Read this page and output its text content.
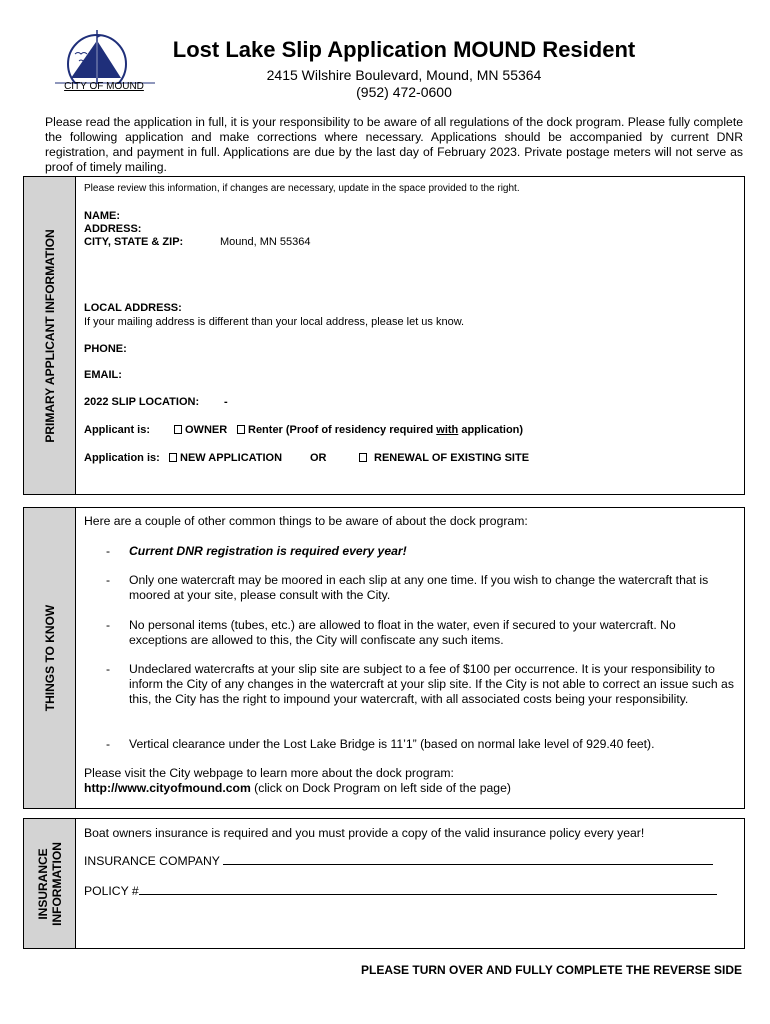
CITY OF MOUND
Lost Lake Slip Application MOUND Resident
2415 Wilshire Boulevard, Mound, MN 55364
(952) 472-0600
Please read the application in full, it is your responsibility to be aware of all regulations of the dock program. Please fully complete the following application and make corrections where necessary. Applications should be accompanied by current DNR registration, and payment in full. Applications are due by the last day of February 2023. Private postage meters will not serve as proof of timely mailing.
PRIMARY APPLICANT INFORMATION
Please review this information, if changes are necessary, update in the space provided to the right.
NAME:
ADDRESS:
CITY, STATE & ZIP:	Mound, MN 55364
LOCAL ADDRESS:
If your mailing address is different than your local address, please let us know.
PHONE:
EMAIL:
2022 SLIP LOCATION: -
Applicant is:	OWNER	Renter (Proof of residency required with application)
Application is:	NEW APPLICATION	OR	RENEWAL OF EXISTING SITE
THINGS TO KNOW
Here are a couple of other common things to be aware of about the dock program:
- Current DNR registration is required every year!
- Only one watercraft may be moored in each slip at any one time. If you wish to change the watercraft that is moored at your site, please consult with the City.
- No personal items (tubes, etc.) are allowed to float in the water, even if secured to your watercraft. No exceptions are allowed to this, the City will confiscate any such items.
- Undeclared watercrafts at your slip site are subject to a fee of $100 per occurrence. It is your responsibility to inform the City of any changes in the watercraft at your slip site. If the City is not able to correct an issue such as this, the City has the right to impound your watercraft, with all associated costs being your responsibility.
- Vertical clearance under the Lost Lake Bridge is 11’1” (based on normal lake level of 929.40 feet).
Please visit the City webpage to learn more about the dock program:
http://www.cityofmound.com (click on Dock Program on left side of the page)
INSURANCE INFORMATION
Boat owners insurance is required and you must provide a copy of the valid insurance policy every year!
INSURANCE COMPANY
POLICY #
PLEASE TURN OVER AND FULLY COMPLETE THE REVERSE SIDE
